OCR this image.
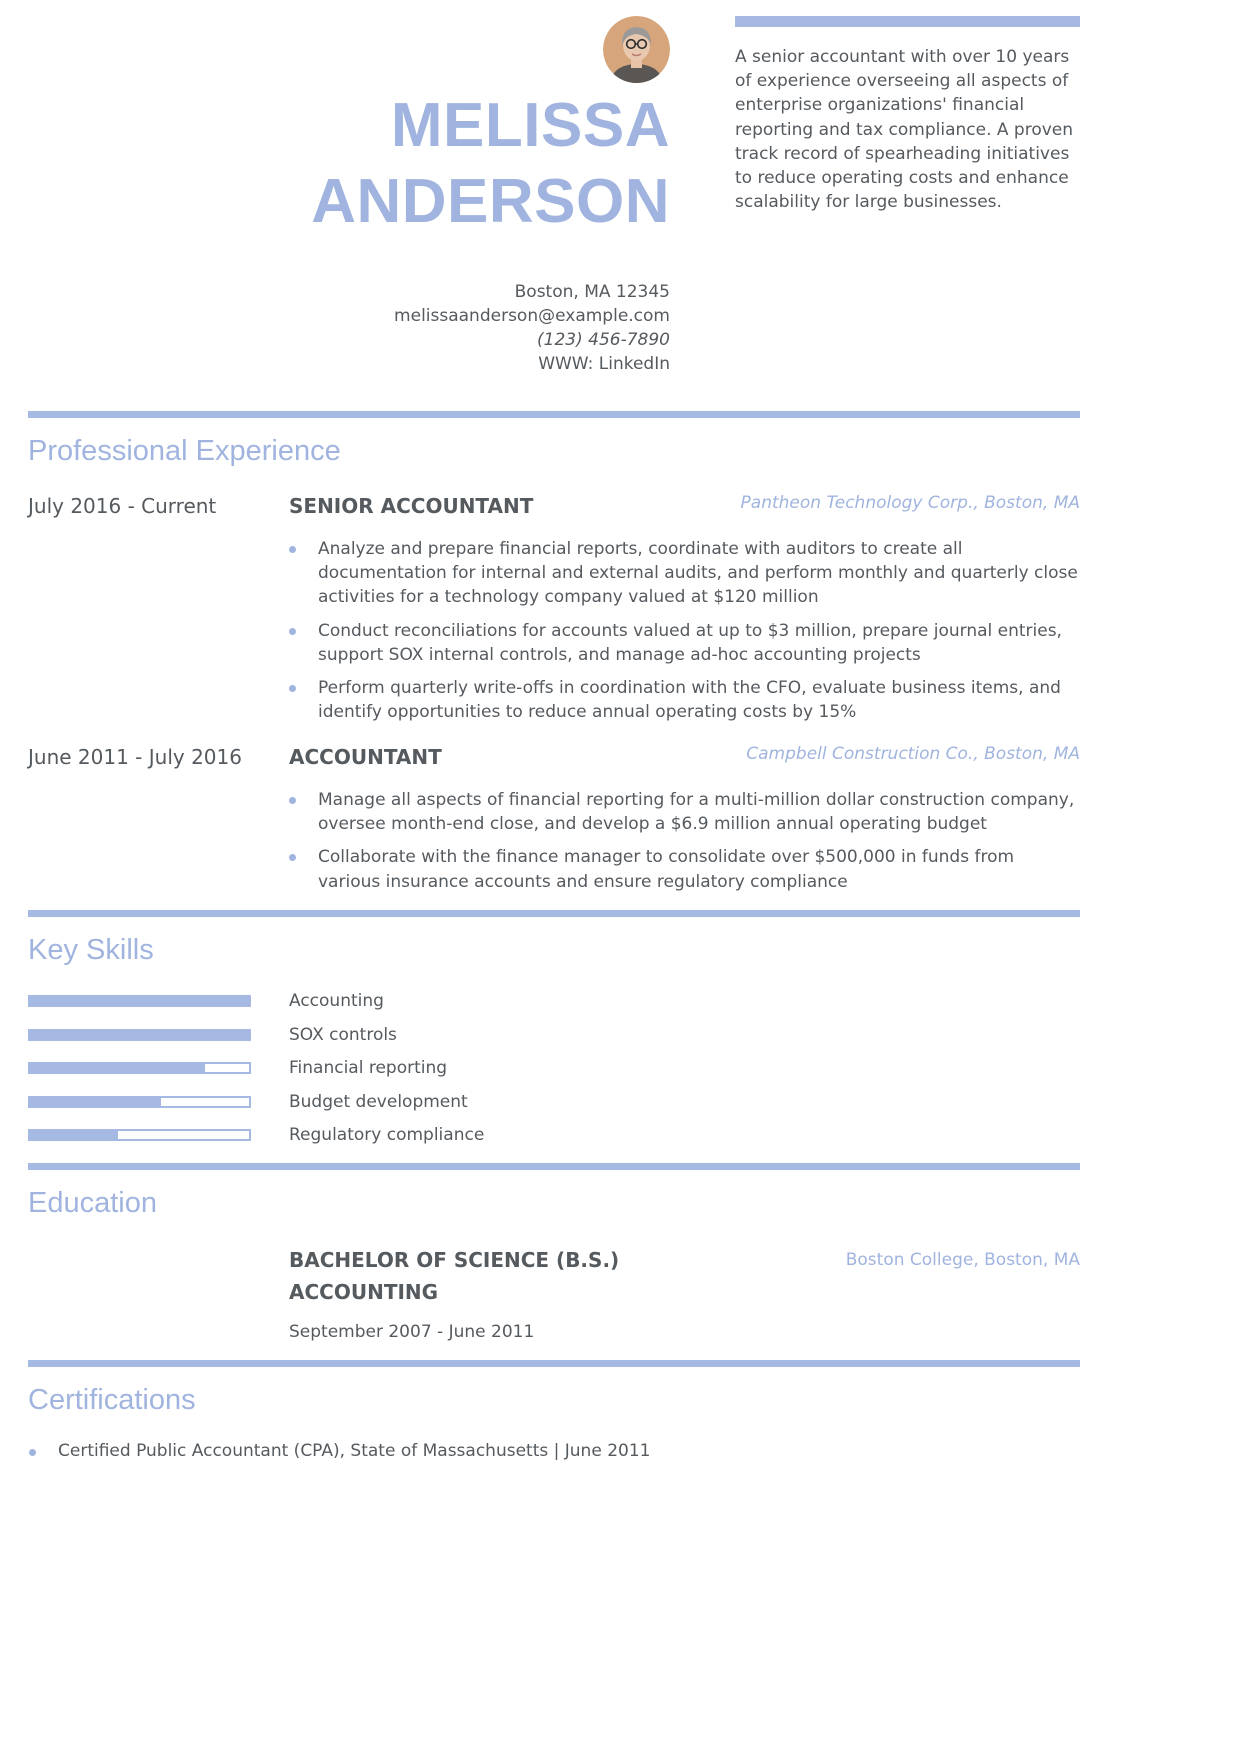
MELISSA
ANDERSON
Boston, MA 12345
melissaanderson@example.com
(123) 456-7890
WWW: LinkedIn
A senior accountant with over 10 years of experience overseeing all aspects of enterprise organizations' financial reporting and tax compliance. A proven track record of spearheading initiatives to reduce operating costs and enhance scalability for large businesses.
Professional Experience
July 2016 - Current	SENIOR ACCOUNTANT	Pantheon Technology Corp., Boston, MA
Analyze and prepare financial reports, coordinate with auditors to create all documentation for internal and external audits, and perform monthly and quarterly close activities for a technology company valued at $120 million
Conduct reconciliations for accounts valued at up to $3 million, prepare journal entries, support SOX internal controls, and manage ad-hoc accounting projects
Perform quarterly write-offs in coordination with the CFO, evaluate business items, and identify opportunities to reduce annual operating costs by 15%
June 2011 - July 2016 ACCOUNTANT	Campbell Construction Co., Boston, MA
Manage all aspects of financial reporting for a multi-million dollar construction company, oversee month-end close, and develop a $6.9 million annual operating budget
Collaborate with the finance manager to consolidate over $500,000 in funds from various insurance accounts and ensure regulatory compliance
Key Skills
Accounting
SOX controls
Financial reporting
Budget development
Regulatory compliance
Education
BACHELOR OF SCIENCE (B.S.)
ACCOUNTING
Boston College, Boston, MA
September 2007 - June 2011
Certifications
Certified Public Accountant (CPA), State of Massachusetts | June 2011
